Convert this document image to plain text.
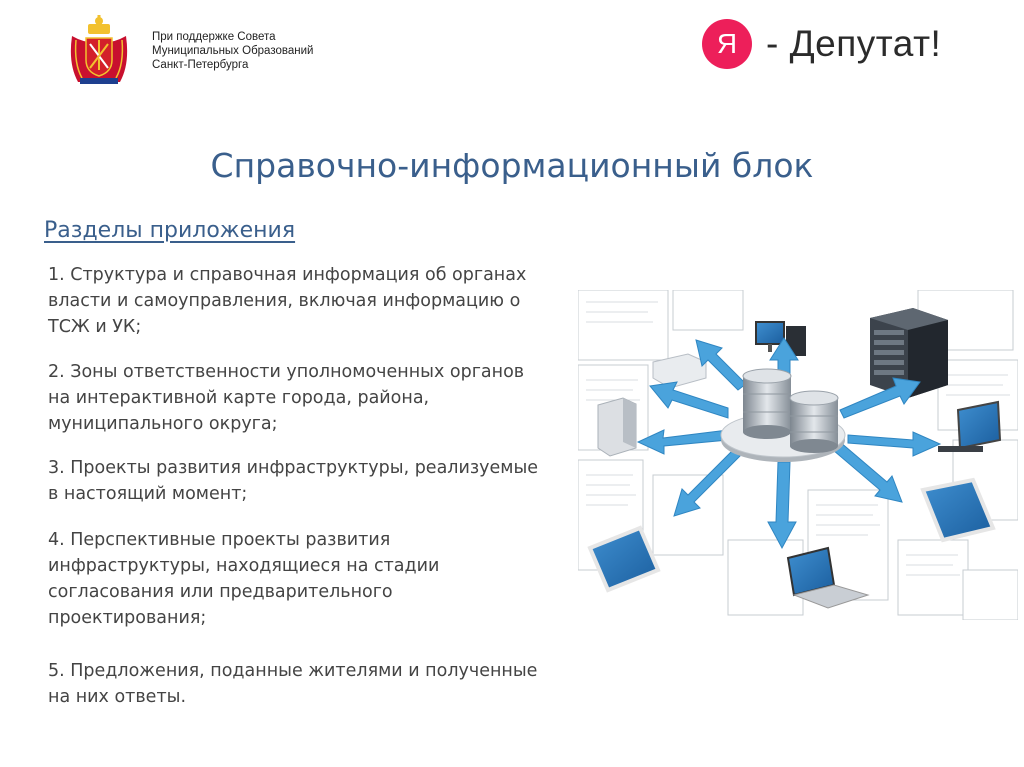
При поддержке Совета
Муниципальных Образований
Санкт-Петербурга
Я - Депутат!
Справочно-информационный блок
Разделы приложения
1. Структура и справочная информация об органах
власти и самоуправления, включая информацию о
ТСЖ и УК;
2. Зоны ответственности уполномоченных органов
на интерактивной карте города, района,
муниципального округа;
3. Проекты развития инфраструктуры, реализуемые
в настоящий момент;
4. Перспективные проекты развития
инфраструктуры, находящиеся на стадии
согласования или предварительного
проектирования;
5. Предложения, поданные жителями и полученные
на них ответы.
